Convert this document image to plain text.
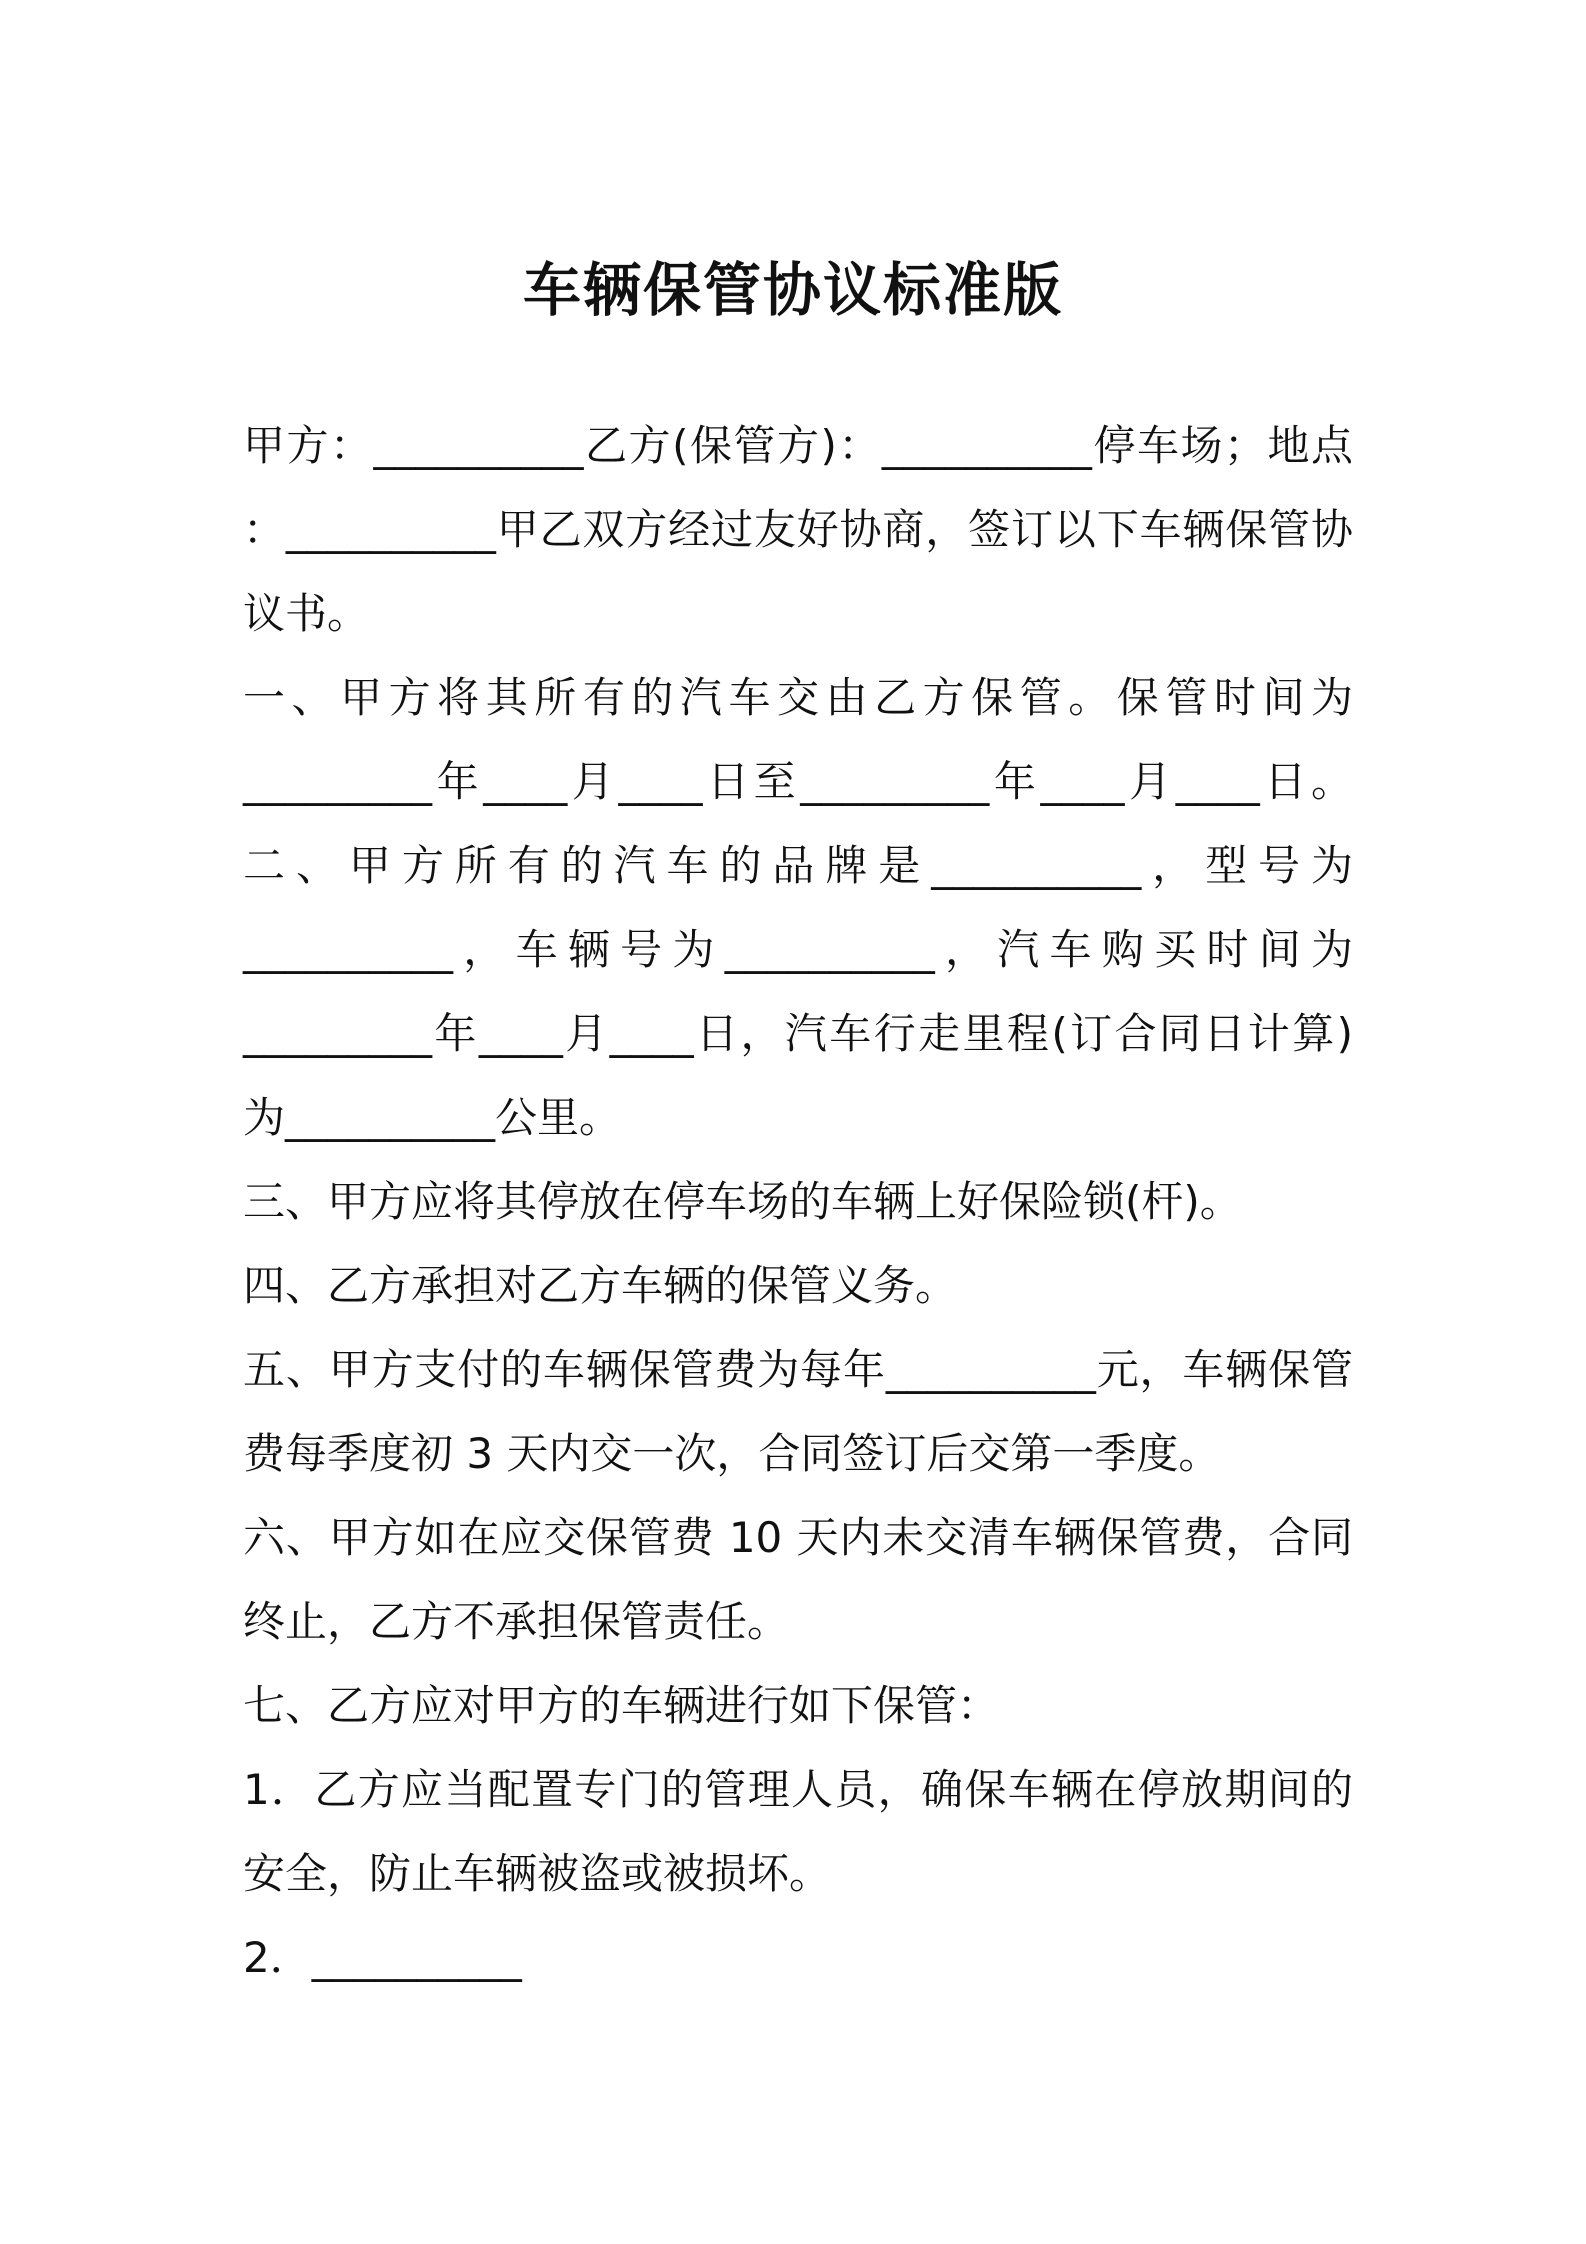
车辆保管协议标准版
甲方：__________乙方(保管方)：__________停车场；地点
：__________甲乙双方经过友好协商，签订以下车辆保管协
议书。
一、甲方将其所有的汽车交由乙方保管。保管时间为
_________年____月____日至_________年____月____日。
二、甲方所有的汽车的品牌是__________，型号为
__________，车辆号为__________，汽车购买时间为
_________年____月____日，汽车行走里程(订合同日计算)
为__________公里。
三、甲方应将其停放在停车场的车辆上好保险锁(杆)。
四、乙方承担对乙方车辆的保管义务。
五、甲方支付的车辆保管费为每年__________元，车辆保管
费每季度初 3 天内交一次，合同签订后交第一季度。
六、甲方如在应交保管费 10 天内未交清车辆保管费，合同
终止，乙方不承担保管责任。
七、乙方应对甲方的车辆进行如下保管：
1．乙方应当配置专门的管理人员，确保车辆在停放期间的
安全，防止车辆被盗或被损坏。
2．__________
